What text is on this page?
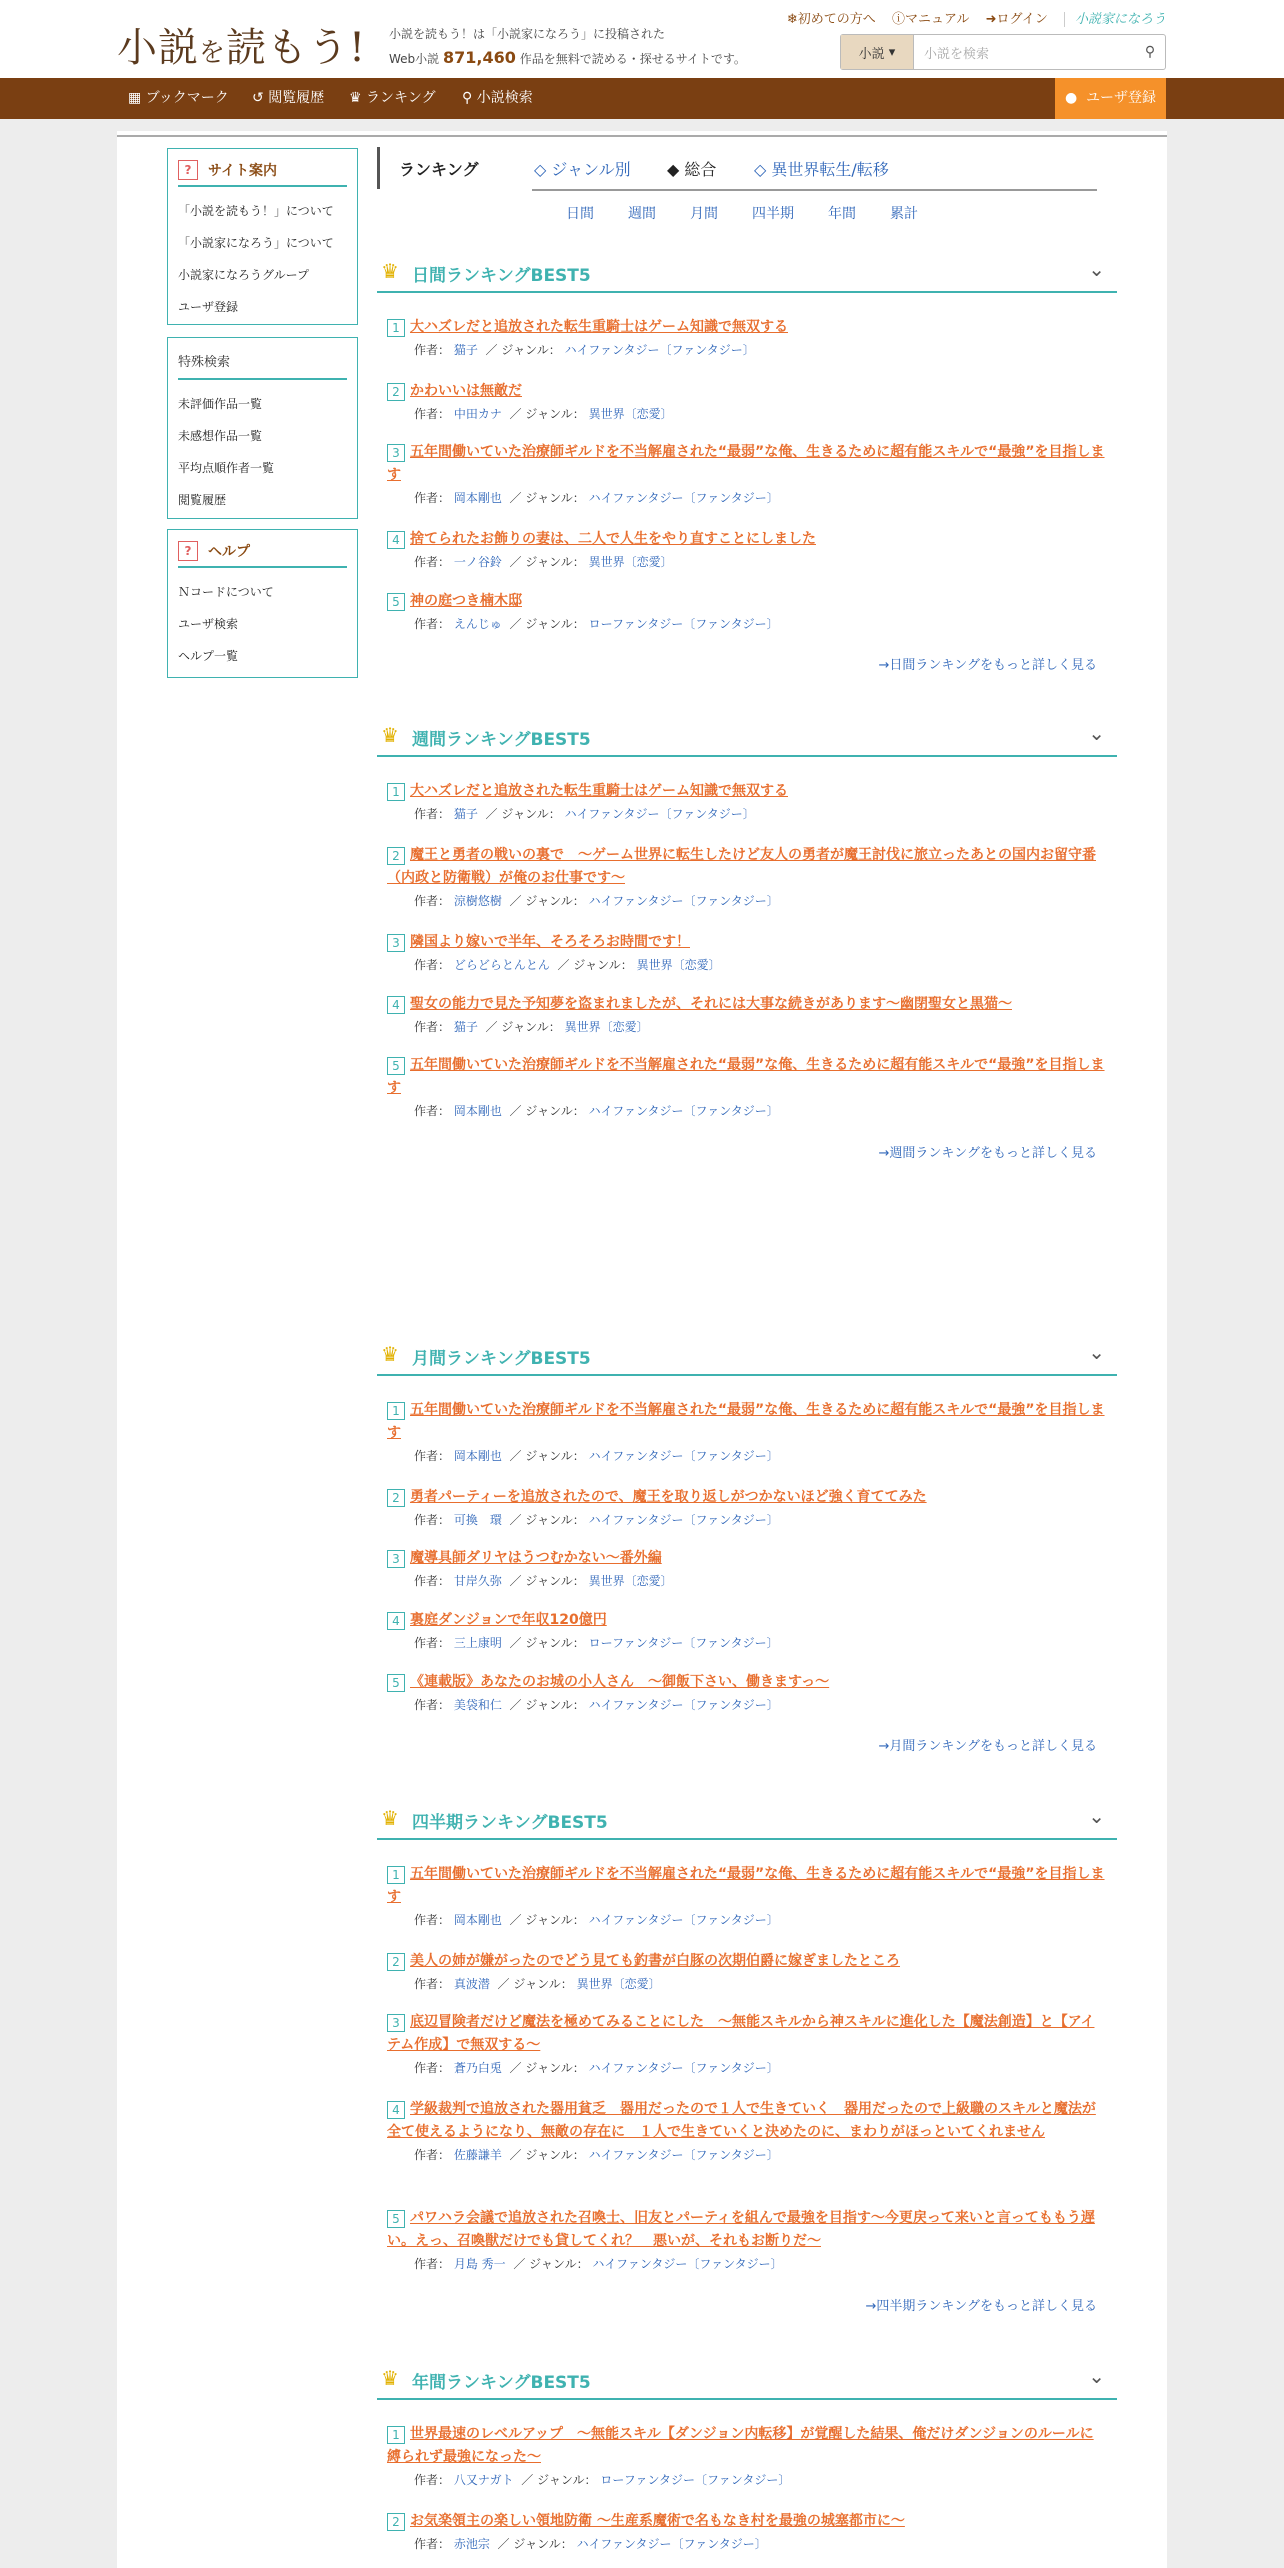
小説を読もう! 小説を読もう！は「小説家になろう」に投稿された
Web小説 871,460 作品を無料で読める・探せるサイトです。
❄初めての方へ ⓘマニュアル ➜ログイン 小説家になろう
小説 ▾	小説を検索	⚲
▦ ブックマーク ↺ 閲覧履歴 ♛ ランキング ⚲ 小説検索	● ユーザ登録
?	サイト案内
「小説を読もう！」について
「小説家になろう」について
小説家になろうグループ
ユーザ登録
特殊検索
未評価作品一覧
未感想作品一覧
平均点順作者一覧
閲覧履歴
?	ヘルプ
Ｎコードについて
ユーザ検索
ヘルプ一覧
ランキング	◇ ジャンル別 ◆ 総合 ◇ 異世界転生/転移
日間 週間 月間 四半期 年間 累計
♛ 日間ランキングBEST5	⌄
1 大ハズレだと追放された転生重騎士はゲーム知識で無双する
作者： 猫子 ／ ジャンル： ハイファンタジー〔ファンタジー〕
2 かわいいは無敵だ
作者： 中田カナ ／ ジャンル： 異世界〔恋愛〕
3 五年間働いていた治療師ギルドを不当解雇された“最弱”な俺、生きるために超有能スキルで“最強”を目指します
作者： 岡本剛也 ／ ジャンル： ハイファンタジー〔ファンタジー〕
4 捨てられたお飾りの妻は、二人で人生をやり直すことにしました
作者： 一ノ谷鈴 ／ ジャンル： 異世界〔恋愛〕
5 神の庭つき楠木邸
作者： えんじゅ ／ ジャンル： ローファンタジー〔ファンタジー〕
→日間ランキングをもっと詳しく見る
♛ 週間ランキングBEST5	⌄
1 大ハズレだと追放された転生重騎士はゲーム知識で無双する
作者： 猫子 ／ ジャンル： ハイファンタジー〔ファンタジー〕
2 魔王と勇者の戦いの裏で　～ゲーム世界に転生したけど友人の勇者が魔王討伐に旅立ったあとの国内お留守番（内政と防衛戦）が俺のお仕事です～
作者： 涼樹悠樹 ／ ジャンル： ハイファンタジー〔ファンタジー〕
3 隣国より嫁いで半年、そろそろお時間です！
作者： どらどらとんとん ／ ジャンル： 異世界〔恋愛〕
4 聖女の能力で見た予知夢を盗まれましたが、それには大事な続きがあります～幽閉聖女と黒猫～
作者： 猫子 ／ ジャンル： 異世界〔恋愛〕
5 五年間働いていた治療師ギルドを不当解雇された“最弱”な俺、生きるために超有能スキルで“最強”を目指します
作者： 岡本剛也 ／ ジャンル： ハイファンタジー〔ファンタジー〕
→週間ランキングをもっと詳しく見る
♛ 月間ランキングBEST5	⌄
1 五年間働いていた治療師ギルドを不当解雇された“最弱”な俺、生きるために超有能スキルで“最強”を目指します
作者： 岡本剛也 ／ ジャンル： ハイファンタジー〔ファンタジー〕
2 勇者パーティーを追放されたので、魔王を取り返しがつかないほど強く育ててみた
作者： 可換　環 ／ ジャンル： ハイファンタジー〔ファンタジー〕
3 魔導具師ダリヤはうつむかない～番外編
作者： 甘岸久弥 ／ ジャンル： 異世界〔恋愛〕
4 裏庭ダンジョンで年収120億円
作者： 三上康明 ／ ジャンル： ローファンタジー〔ファンタジー〕
5 《連載版》あなたのお城の小人さん　～御飯下さい、働きますっ～
作者： 美袋和仁 ／ ジャンル： ハイファンタジー〔ファンタジー〕
→月間ランキングをもっと詳しく見る
♛ 四半期ランキングBEST5	⌄
1 五年間働いていた治療師ギルドを不当解雇された“最弱”な俺、生きるために超有能スキルで“最強”を目指します
作者： 岡本剛也 ／ ジャンル： ハイファンタジー〔ファンタジー〕
2 美人の姉が嫌がったのでどう見ても釣書が白豚の次期伯爵に嫁ぎましたところ
作者： 真波潜 ／ ジャンル： 異世界〔恋愛〕
3 底辺冒険者だけど魔法を極めてみることにした　～無能スキルから神スキルに進化した【魔法創造】と【アイテム作成】で無双する～
作者： 蒼乃白兎 ／ ジャンル： ハイファンタジー〔ファンタジー〕
4 学級裁判で追放された器用貧乏　器用だったので１人で生きていく　器用だったので上級職のスキルと魔法が全て使えるようになり、無敵の存在に　１人で生きていくと決めたのに、まわりがほっといてくれません
作者： 佐藤謙羊 ／ ジャンル： ハイファンタジー〔ファンタジー〕
5 パワハラ会議で追放された召喚士、旧友とパーティを組んで最強を目指す～今更戻って来いと言ってももう遅い。えっ、召喚獣だけでも貸してくれ？　悪いが、それもお断りだ～
作者： 月島 秀一 ／ ジャンル： ハイファンタジー〔ファンタジー〕
→四半期ランキングをもっと詳しく見る
♛ 年間ランキングBEST5	⌄
1 世界最速のレベルアップ　～無能スキル【ダンジョン内転移】が覚醒した結果、俺だけダンジョンのルールに縛られず最強になった～
作者： 八又ナガト ／ ジャンル： ローファンタジー〔ファンタジー〕
2 お気楽領主の楽しい領地防衛 ～生産系魔術で名もなき村を最強の城塞都市に～
作者： 赤池宗 ／ ジャンル： ハイファンタジー〔ファンタジー〕
